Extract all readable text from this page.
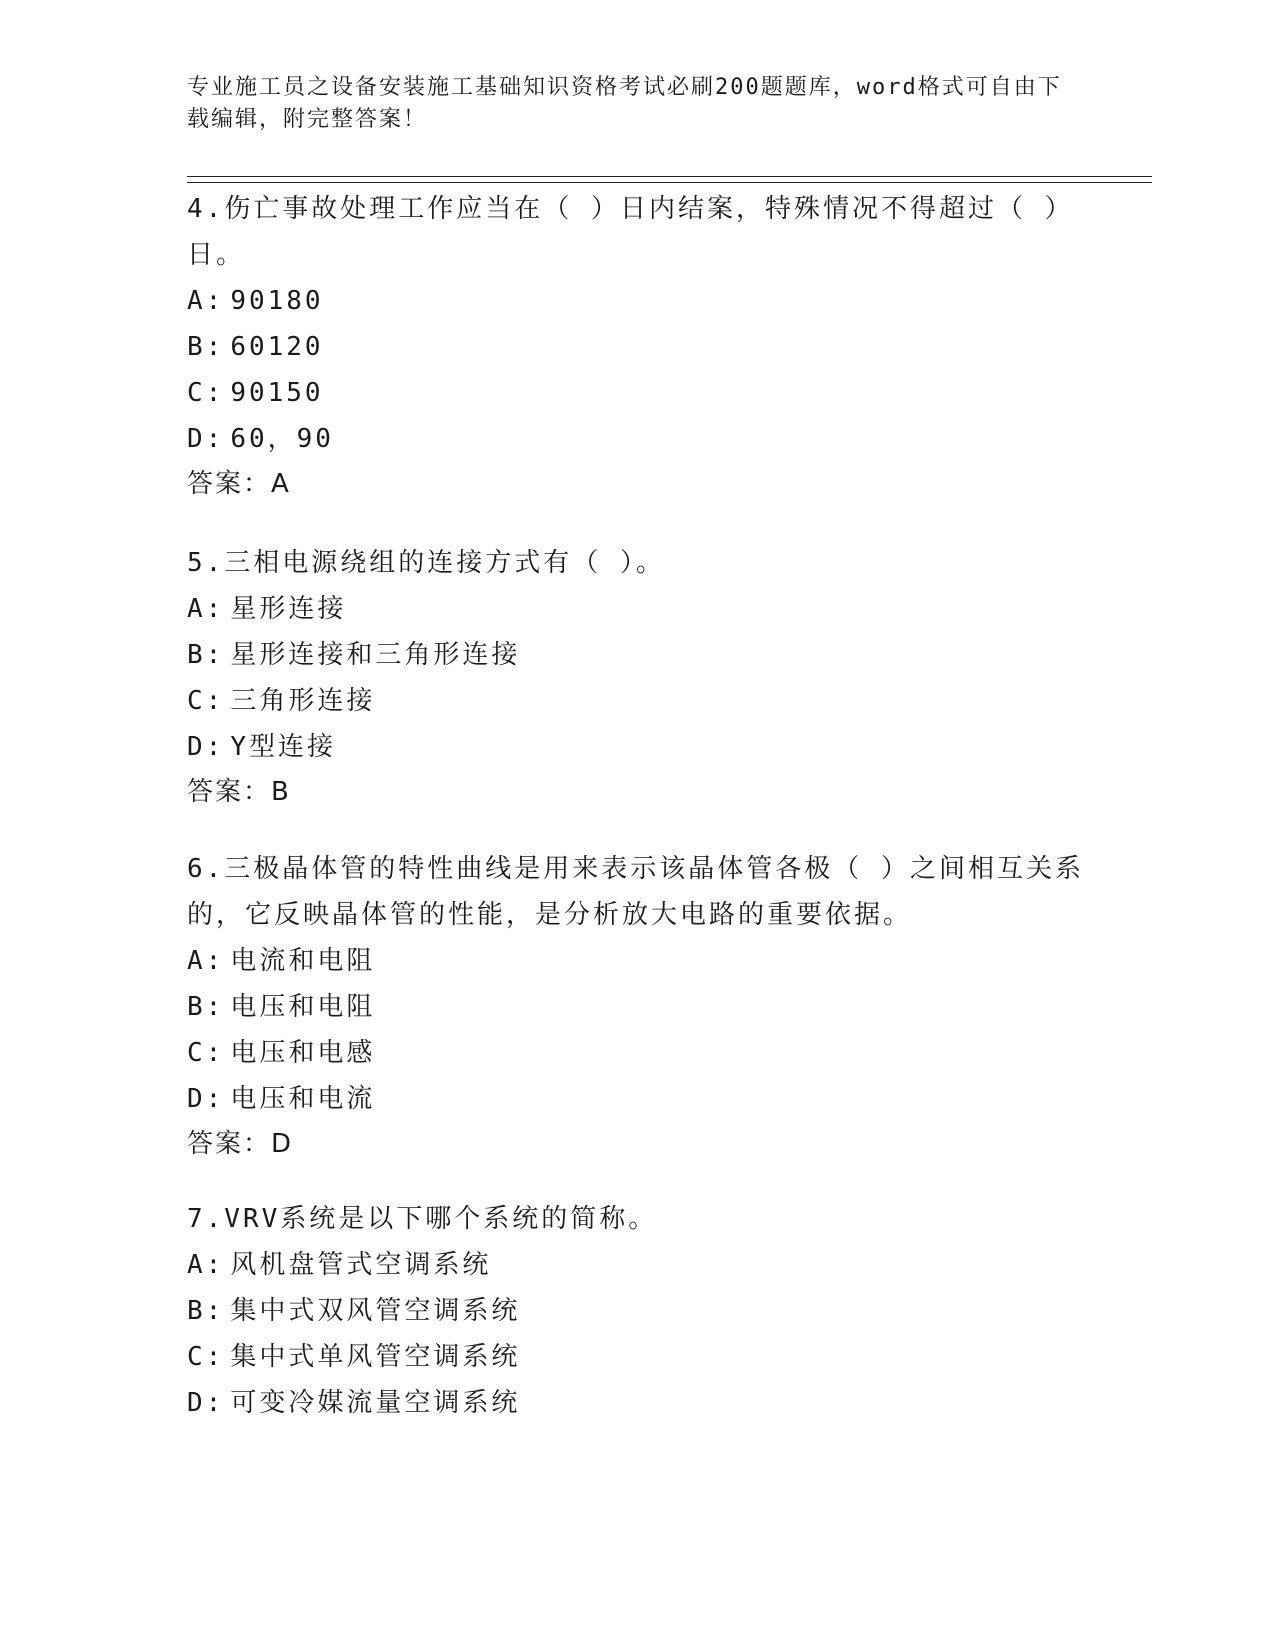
专业施工员之设备安装施工基础知识资格考试必刷200题题库，word格式可自由下载编辑，附完整答案！

4.伤亡事故处理工作应当在（ ）日内结案，特殊情况不得超过（ ）日。

A: 90180

B: 60120

C: 90150

D: 60，90

答案：A

5.三相电源绕组的连接方式有（ ）。

A: 星形连接

B: 星形连接和三角形连接

C: 三角形连接

D: Y型连接

答案：B

6.三极晶体管的特性曲线是用来表示该晶体管各极（ ）之间相互关系的，它反映晶体管的性能，是分析放大电路的重要依据。

A: 电流和电阻

B: 电压和电阻

C: 电压和电感

D: 电压和电流

答案：D

7.VRV系统是以下哪个系统的简称。

A: 风机盘管式空调系统

B: 集中式双风管空调系统

C: 集中式单风管空调系统

D: 可变冷媒流量空调系统
